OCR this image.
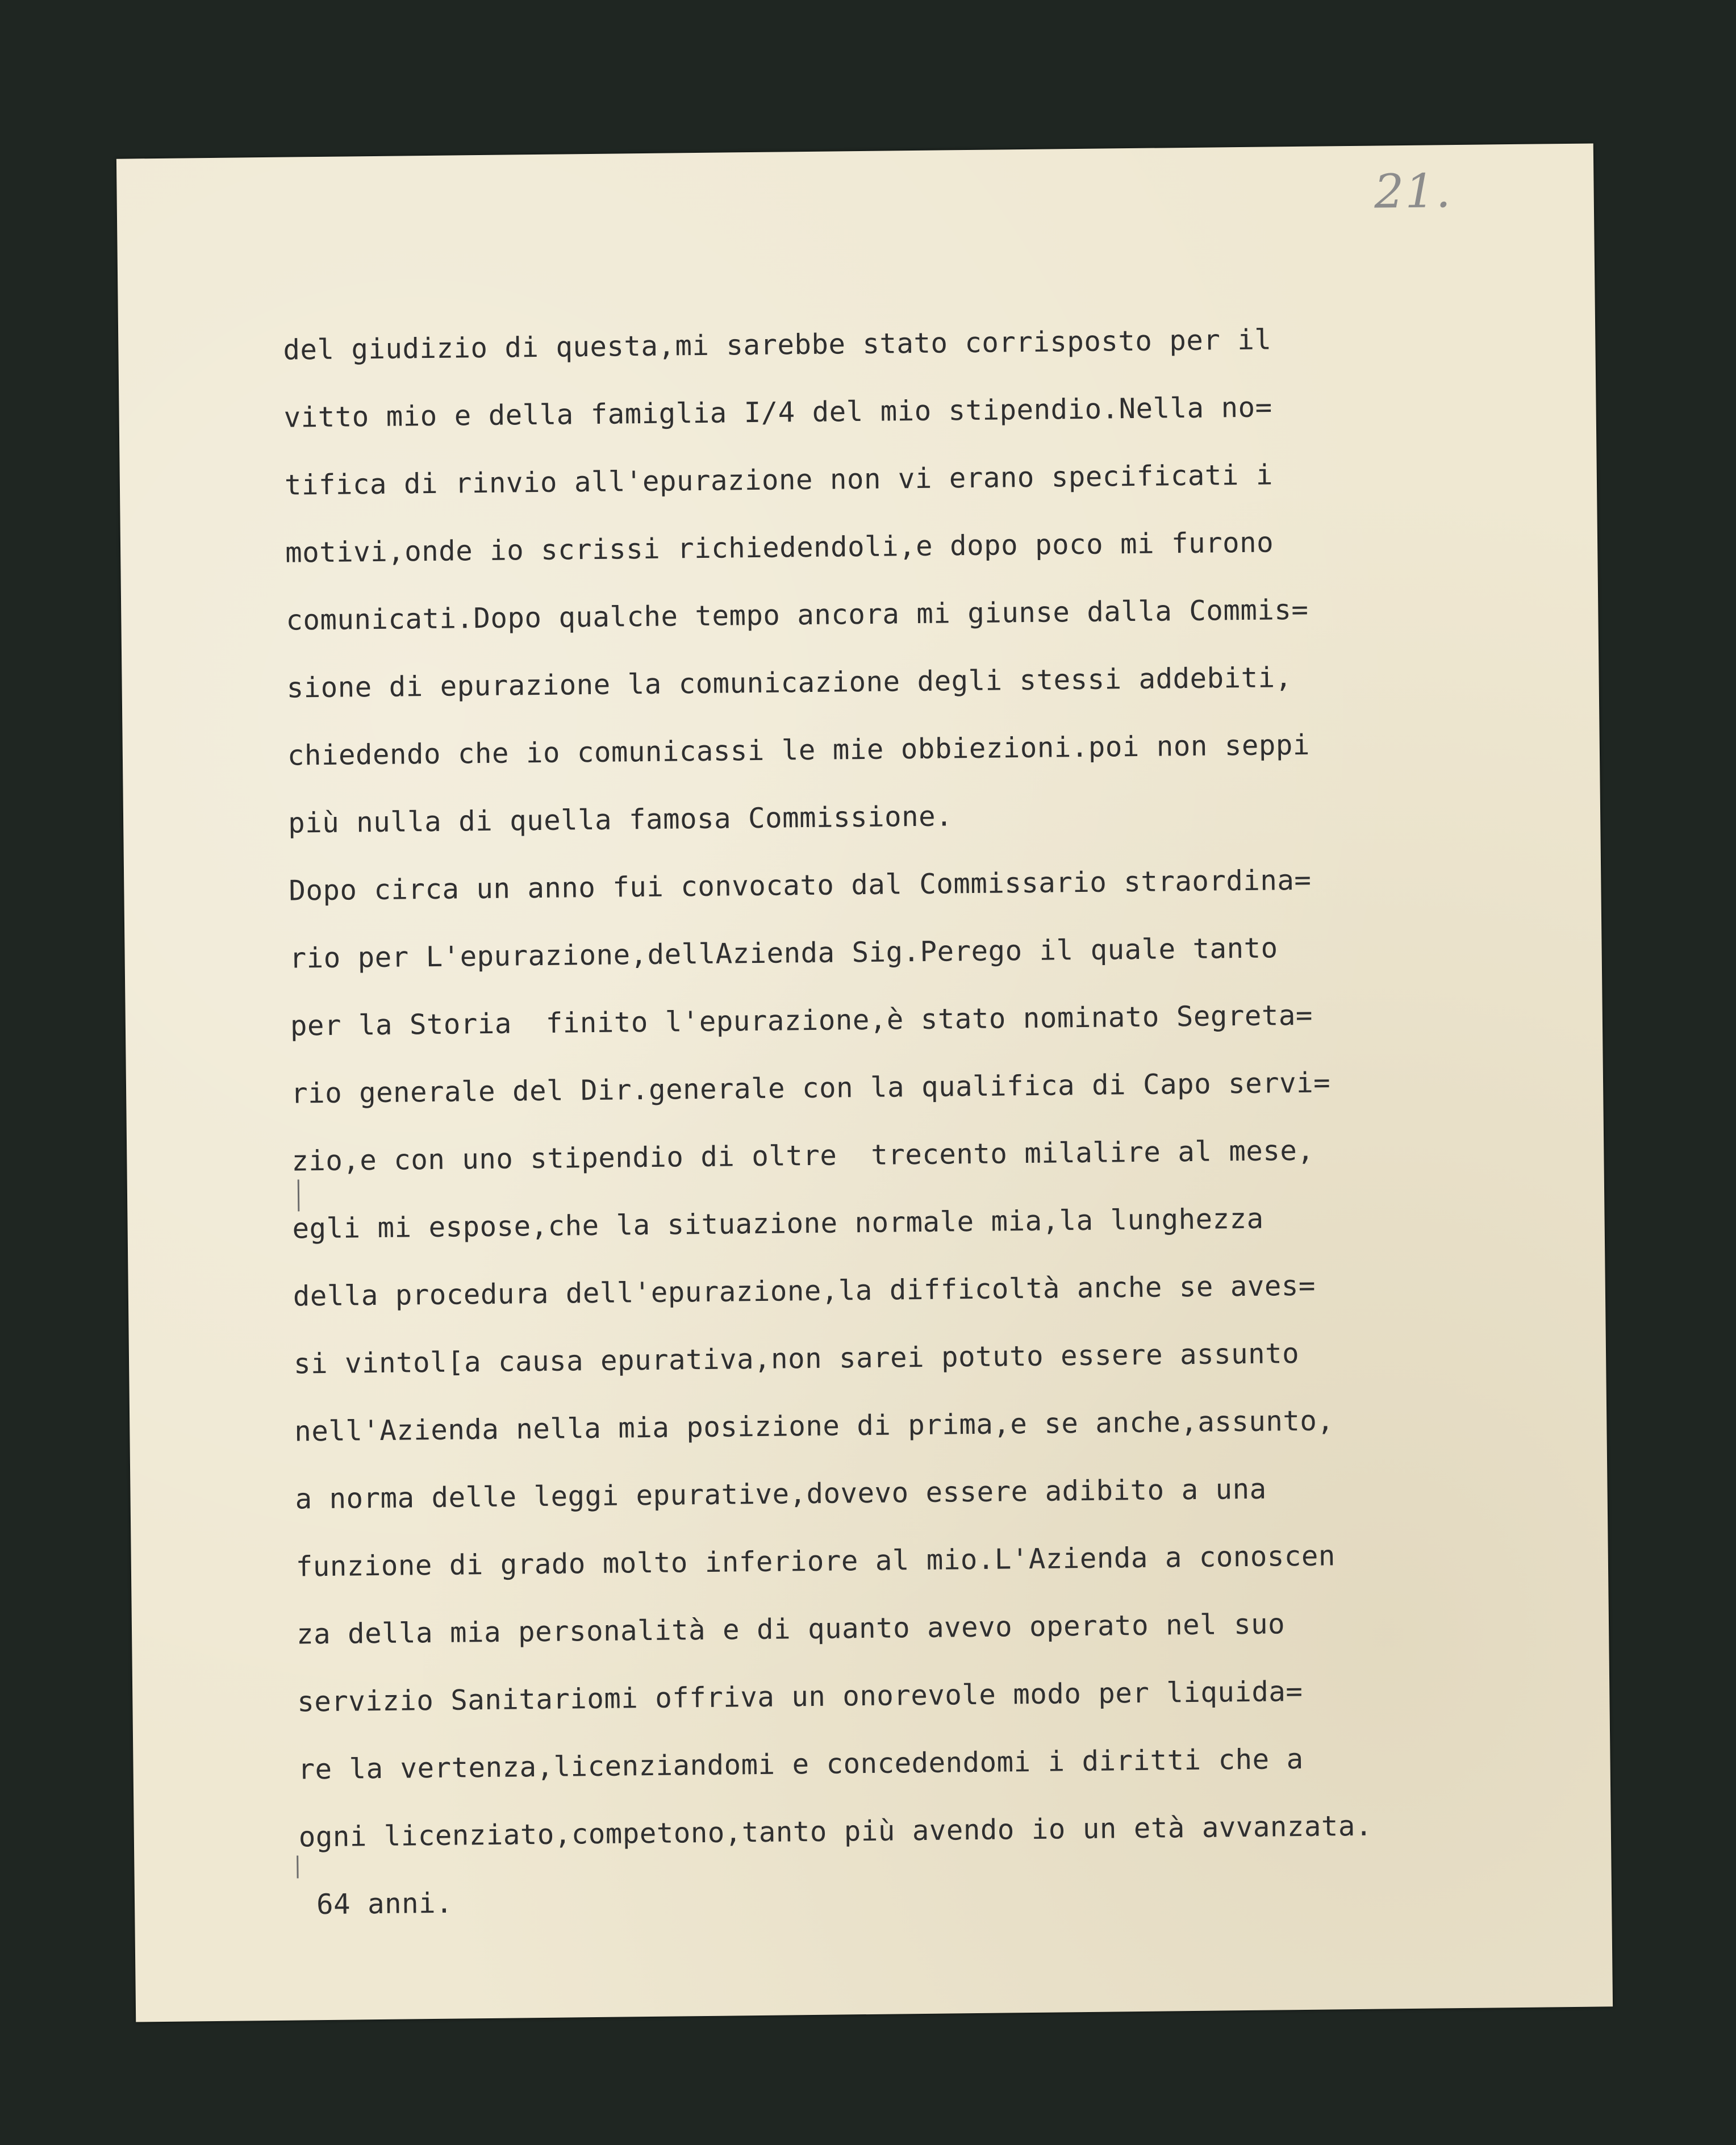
21.
del giudizio di questa,mi sarebbe stato corrisposto per il
vitto mio e della famiglia I/4 del mio stipendio.Nella no=
tifica di rinvio all'epurazione non vi erano specificati i
motivi,onde io scrissi richiedendoli,e dopo poco mi furono
comunicati.Dopo qualche tempo ancora mi giunse dalla Commis=
sione di epurazione la comunicazione degli stessi addebiti,
chiedendo che io comunicassi le mie obbiezioni.poi non seppi
più nulla di quella famosa Commissione.
Dopo circa un anno fui convocato dal Commissario straordina=
rio per L'epurazione,dellAzienda Sig.Perego il quale tanto
per la Storia  finito l'epurazione,è stato nominato Segreta=
rio generale del Dir.generale con la qualifica di Capo servi=
zio,e con uno stipendio di oltre  trecento milalire al mese,
egli mi espose,che la situazione normale mia,la lunghezza
della procedura dell'epurazione,la difficoltà anche se aves=
si vintol[a causa epurativa,non sarei potuto essere assunto
nell'Azienda nella mia posizione di prima,e se anche,assunto,
a norma delle leggi epurative,dovevo essere adibito a una
funzione di grado molto inferiore al mio.L'Azienda a conoscen
za della mia personalità e di quanto avevo operato nel suo
servizio Sanitariomi offriva un onorevole modo per liquida=
re la vertenza,licenziandomi e concedendomi i diritti che a
ogni licenziato,competono,tanto più avendo io un età avvanzata.
64 anni.
